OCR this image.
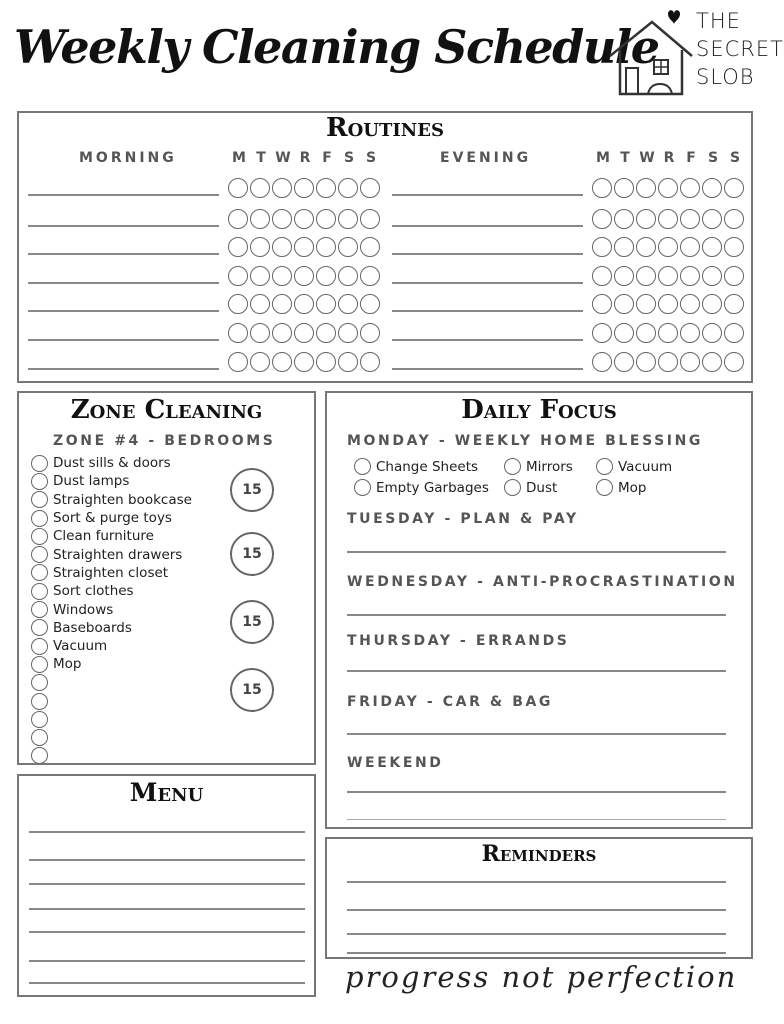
Weekly Cleaning Schedule THE
SECRET
SLOB
Routines
MORNING	EVENING
M T W R F S S	M T W R F S S
Zone Cleaning
ZONE #4 - BEDROOMS
Dust sills & doors
Dust lamps
Straighten bookcase
Sort & purge toys
Clean furniture
Straighten drawers
Straighten closet
Sort clothes
Windows
Baseboards
Vacuum
Mop
15
15
15
15
Daily Focus
MONDAY - WEEKLY HOME BLESSING
Change Sheets	Mirrors	Vacuum
Empty Garbages	Dust	Mop
TUESDAY - PLAN & PAY
WEDNESDAY - ANTI-PROCRASTINATION
THURSDAY - ERRANDS
FRIDAY - CAR & BAG
WEEKEND
Menu
Reminders
progress not perfection
